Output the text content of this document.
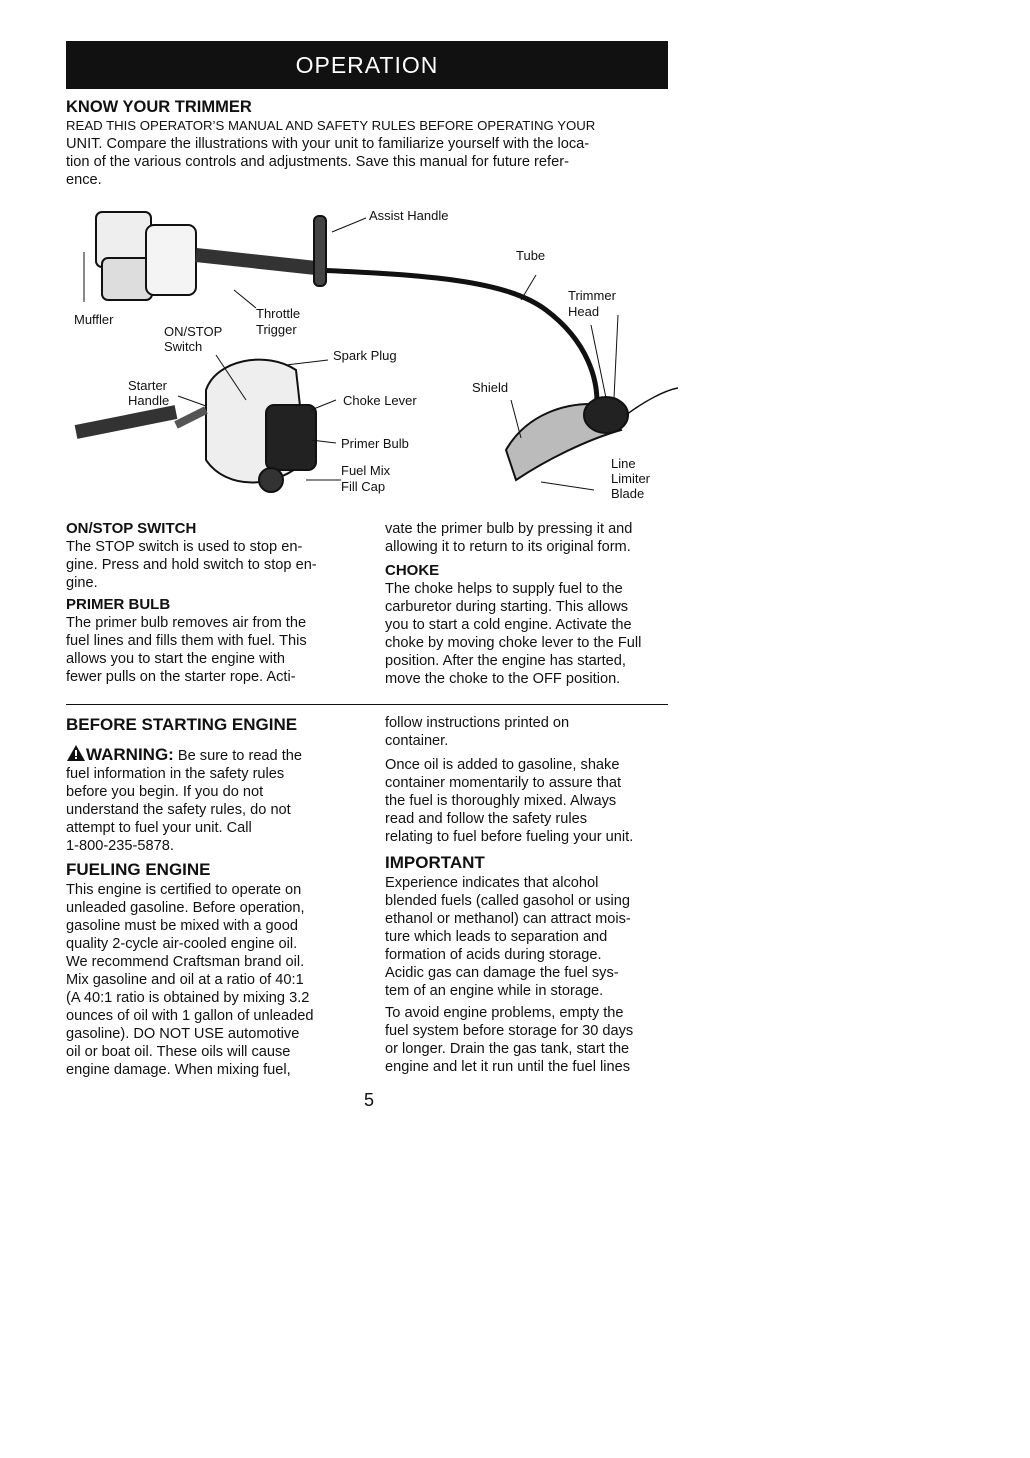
OPERATION

KNOW YOUR TRIMMER

READ THIS OPERATOR’S MANUAL AND SAFETY RULES BEFORE OPERATING YOUR

UNIT. Compare the illustrations with your unit to familiarize yourself with the loca-
tion of the various controls and adjustments. Save this manual for future refer-
ence.

Assist Handle
Tube
Trimmer Head
Muffler	Throttle Trigger
ON/STOP Switch
Spark Plug
Starter Handle	Choke Lever
Shield
Primer Bulb
Fuel Mix Fill Cap
Line Limiter Blade

ON/STOP SWITCH

The STOP switch is used to stop en-
gine. Press and hold switch to stop en-
gine.

PRIMER BULB

The primer bulb removes air from the
fuel lines and fills them with fuel. This
allows you to start the engine with
fewer pulls on the starter rope. Acti-

vate the primer bulb by pressing it and
allowing it to return to its original form.

CHOKE

The choke helps to supply fuel to the
carburetor during starting. This allows
you to start a cold engine. Activate the
choke by moving choke lever to the Full
position. After the engine has started,
move the choke to the OFF position.

BEFORE STARTING ENGINE

WARNING: Be sure to read the

fuel information in the safety rules
before you begin. If you do not
understand the safety rules, do not
attempt to fuel your unit. Call
1-800-235-5878.

FUELING ENGINE

This engine is certified to operate on
unleaded gasoline. Before operation,
gasoline must be mixed with a good
quality 2-cycle air-cooled engine oil.
We recommend Craftsman brand oil.
Mix gasoline and oil at a ratio of 40:1
(A 40:1 ratio is obtained by mixing 3.2
ounces of oil with 1 gallon of unleaded
gasoline). DO NOT USE automotive
oil or boat oil. These oils will cause
engine damage. When mixing fuel,

follow instructions printed on
container.

Once oil is added to gasoline, shake
container momentarily to assure that
the fuel is thoroughly mixed. Always
read and follow the safety rules
relating to fuel before fueling your unit.

IMPORTANT

Experience indicates that alcohol
blended fuels (called gasohol or using
ethanol or methanol) can attract mois-
ture which leads to separation and
formation of acids during storage.
Acidic gas can damage the fuel sys-
tem of an engine while in storage.

To avoid engine problems, empty the
fuel system before storage for 30 days
or longer. Drain the gas tank, start the
engine and let it run until the fuel lines

5
